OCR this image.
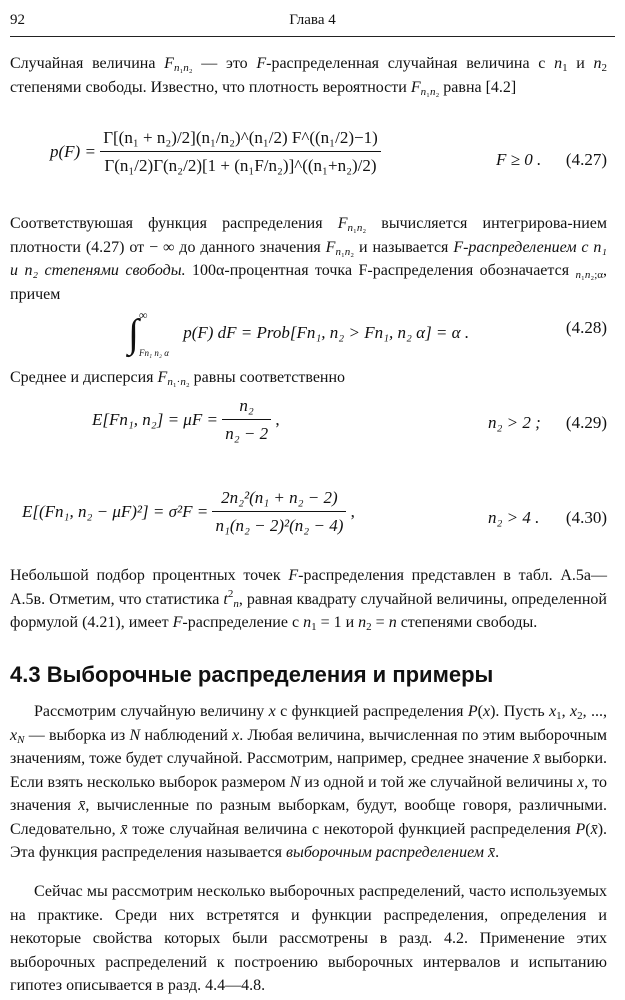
92	Глава 4

Случайная величина $F_{n_1n_2}$ — это F-распределенная случайная величина с $n_1$ и $n_2$ степенями свободы. Известно, что плотность вероятности $F_{n_1n_2}$ равна [4.2]

$p(F) = \frac{\text{Γ[(n₁ + n₂)/2](n₁/n₂)\textasciicircum{}(n₁/2) F\textasciicircum{}((n₁/2)−1)}}{\text{Γ(n₁/2)Γ(n₂/2)[1 + (n₁F/n₂)]\textasciicircum{}((n₁+n₂)/2)}}$	F ≥ 0 . (4.27)

Соответствуюшая функция распределения $F_{n_1n_2}$ вычисляется интегрирова-нием плотности (4.27) от − ∞ до данного значения $F_{n_1n_2}$ и называется F-распределением с n₁ и n₂ степенями свободы. 100α-процентная точка F-распределения обозначается $_{n_1n_2;\alpha}$, причем

∫ ∞
Fn₁ n₂ α
p(F) dF = Prob[Fn₁, n₂ > Fn₁, n₂ α] = α .	(4.28)

Среднее и дисперсия $F_{n_1\cdot n_2}$ равны соответственно

E[Fn₁, $n_2] = \mu F = \frac{\text{n₂}}{\text{n₂ − 2}}$ ,	n₂ > 2 ; (4.29)
E[(Fn₁, $n_2 - \mu F)^2] = \sigma^2F = \frac{\text{2n₂²(n₁ + n₂ − 2)}}{\text{n₁(n₂ − 2)²(n₂ − 4)}}$ ,	n₂ > 4 . (4.30)

Небольшой подбор процентных точек F-распределения представлен в табл. А.5а—А.5в. Отметим, что статистика $t^2_n$, равная квадрату случайной величины, определенной формулой (4.21), имеет F-распределение с $n_1 = 1$ и $n_2 = n$ степенями свободы.

4.3 Выборочные распределения и примеры

Рассмотрим случайную величину x с функцией распределения P(x). Пусть $x_1$, $x_2$, ..., $x_N$ — выборка из N наблюдений x. Любая величина, вычисленная по этим выборочным значениям, тоже будет случайной. Рассмотрим, например, среднее значение x̄ выборки. Если взять несколько выборок размером N из одной и той же случайной величины x, то значения x̄, вычисленные по разным выборкам, будут, вообще говоря, различными. Следовательно, x̄ тоже случайная величина с некоторой функцией распределения P(x̄). Эта функция распределения называется выборочным распределением x̄.

Сейчас мы рассмотрим несколько выборочных распределений, часто используемых на практике. Среди них встретятся и функции распределения, определения и некоторые свойства которых были рассмотрены в разд. 4.2. Применение этих выборочных распределений к построению выборочных интервалов и испытанию гипотез описывается в разд. 4.4—4.8.
